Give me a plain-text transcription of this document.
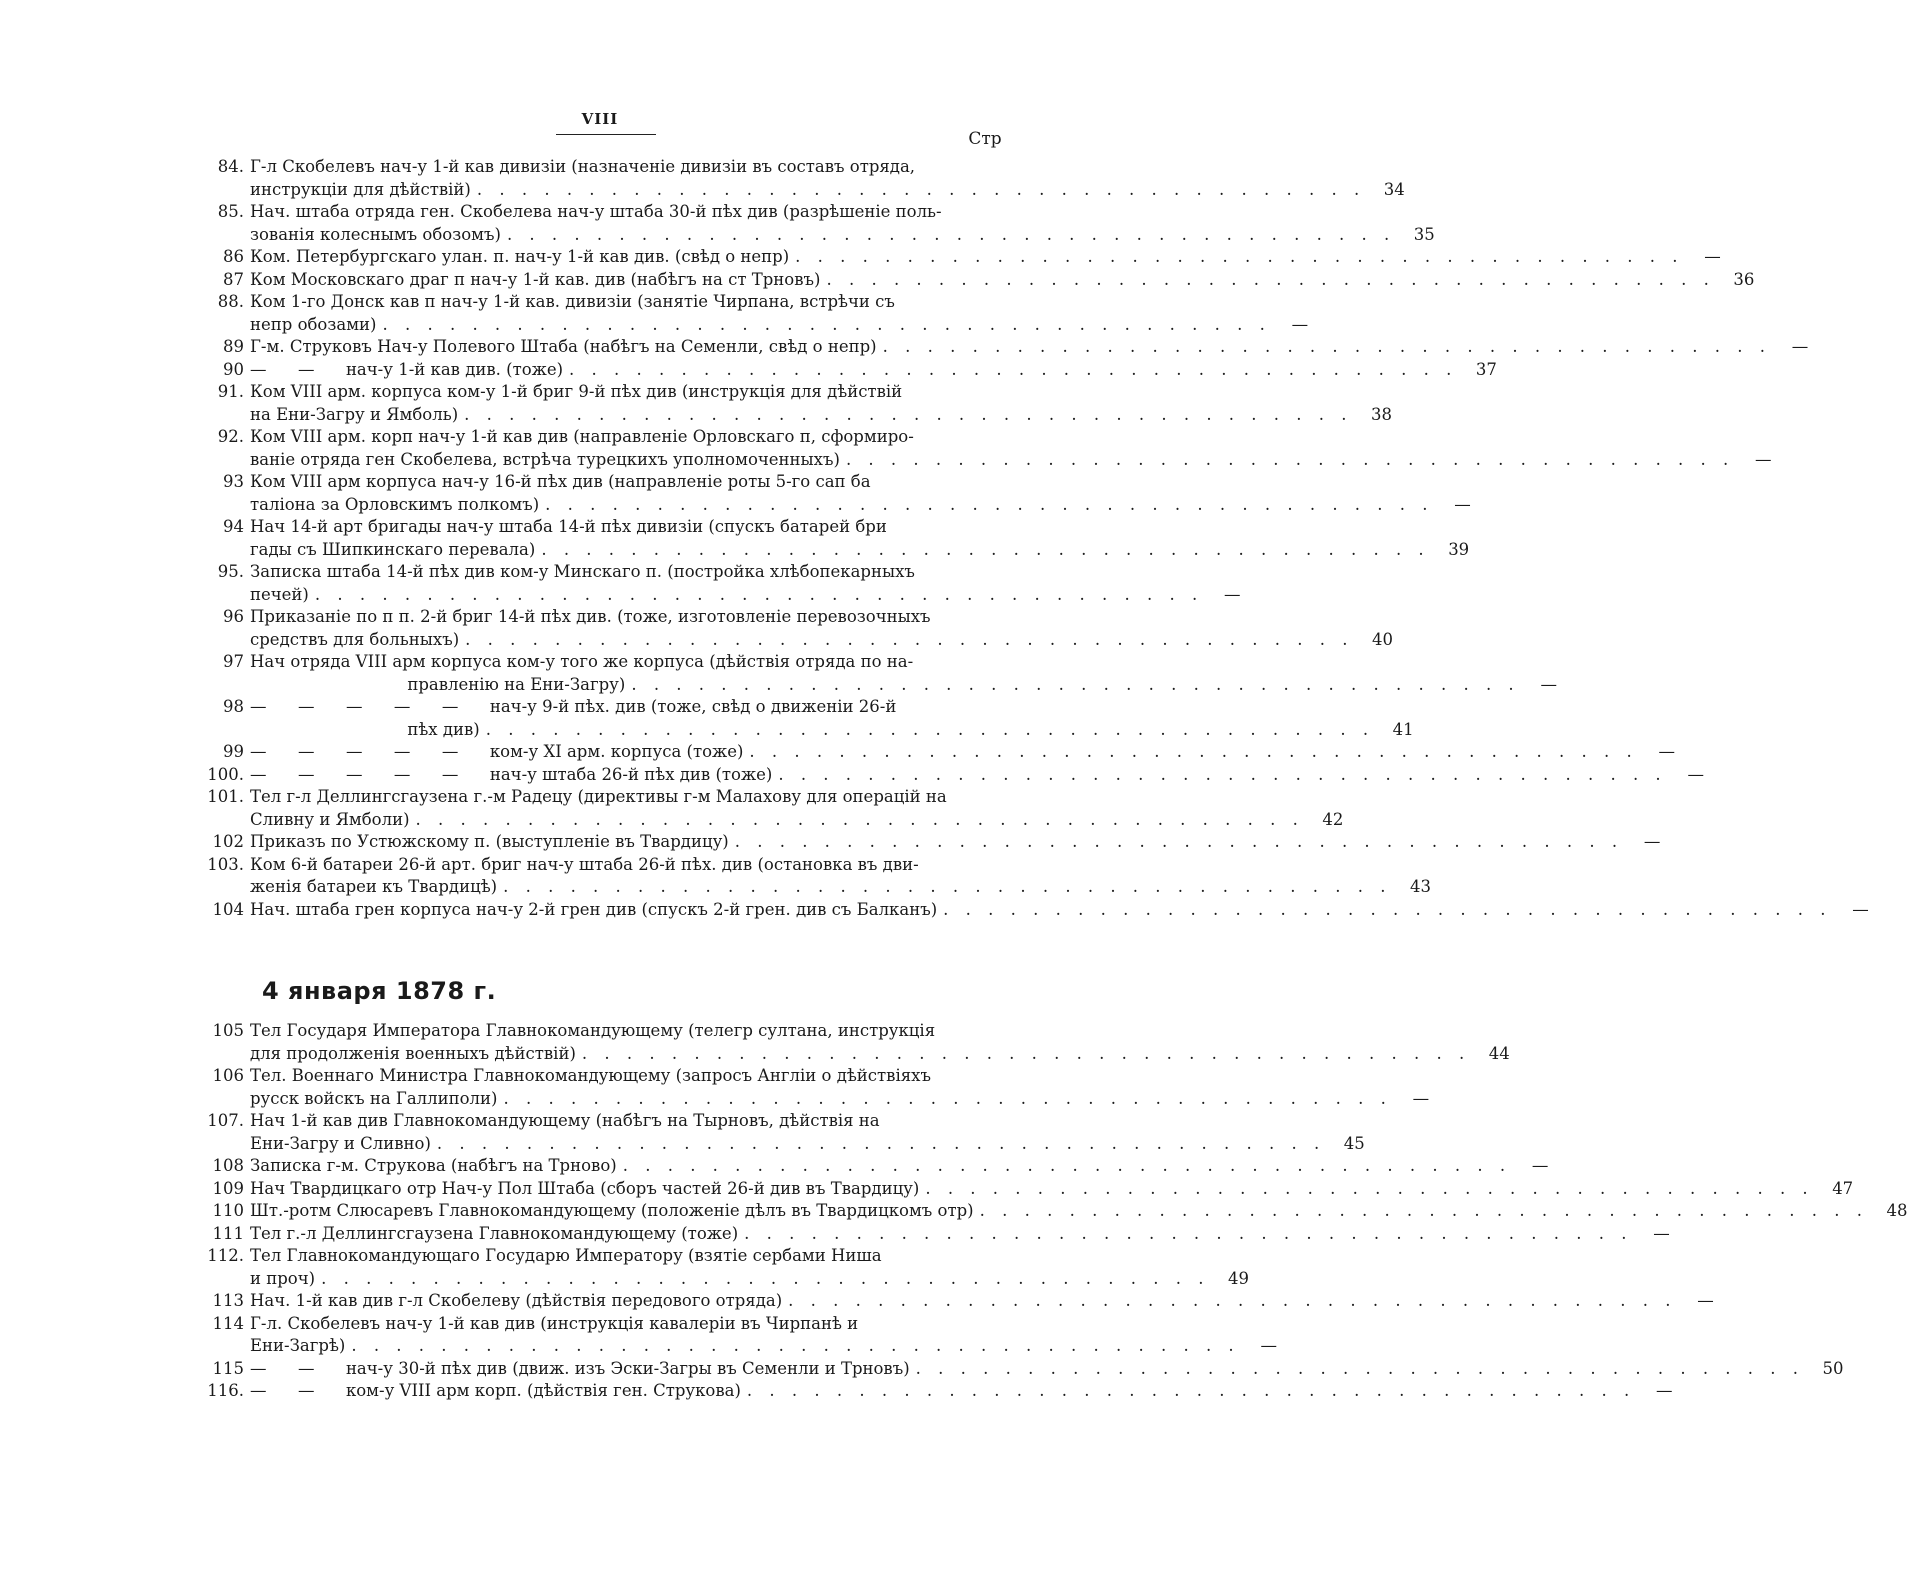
VIII
Стр
84. Г-л Скобелевъ нач-у 1-й кав дивизіи (назначеніе дивизіи въ составъ отряда,
инструкціи для дѣйствій) . . . . . . . . . . . . . . . . . . . . . . . . . . . . . . . . . . . . . . . .	34
85. Нач. штаба отряда ген. Скобелева нач-у штаба 30-й пѣх див (разрѣшеніе поль-
зованія колеснымъ обозомъ) . . . . . . . . . . . . . . . . . . . . . . . . . . . . . . . . . . . . . . . .	35
86 Ком. Петербургскаго улан. п. нач-у 1-й кав див. (свѣд о непр) . . . . . . . . . . . . . . . . . . . . . . . . . . . . . . . . . . . . . . . .	—
87 Ком Московскаго драг п нач-у 1-й кав. див (набѣгъ на ст Трновъ) . . . . . . . . . . . . . . . . . . . . . . . . . . . . . . . . . . . . . . . .	36
88. Ком 1-го Донск кав п нач-у 1-й кав. дивизіи (занятіе Чирпана, встрѣчи съ
непр обозами) . . . . . . . . . . . . . . . . . . . . . . . . . . . . . . . . . . . . . . . .	—
89 Г-м. Струковъ Нач-у Полевого Штаба (набѣгъ на Семенли, свѣд о непр) . . . . . . . . . . . . . . . . . . . . . . . . . . . . . . . . . . . . . . . .	—
90 —      —      нач-у 1-й кав див. (тоже) . . . . . . . . . . . . . . . . . . . . . . . . . . . . . . . . . . . . . . . .	37
91. Ком VIII арм. корпуса ком-у 1-й бриг 9-й пѣх див (инструкція для дѣйствій
на Ени-Загру и Ямболь) . . . . . . . . . . . . . . . . . . . . . . . . . . . . . . . . . . . . . . . .	38
92. Ком VIII арм. корп нач-у 1-й кав див (направленіе Орловскаго п, сформиро-
ваніе отряда ген Скобелева, встрѣча турецкихъ уполномоченныхъ) . . . . . . . . . . . . . . . . . . . . . . . . . . . . . . . . . . . . . . . .	—
93 Ком VIII арм корпуса нач-у 16-й пѣх див (направленіе роты 5-го сап ба
таліона за Орловскимъ полкомъ) . . . . . . . . . . . . . . . . . . . . . . . . . . . . . . . . . . . . . . . .	—
94 Нач 14-й арт бригады нач-у штаба 14-й пѣх дивизіи (спускъ батарей бри
гады съ Шипкинскаго перевала) . . . . . . . . . . . . . . . . . . . . . . . . . . . . . . . . . . . . . . . .	39
95. Записка штаба 14-й пѣх див ком-у Минскаго п. (постройка хлѣбопекарныхъ
печей) . . . . . . . . . . . . . . . . . . . . . . . . . . . . . . . . . . . . . . . .	—
96 Приказаніе по п п. 2-й бриг 14-й пѣх див. (тоже, изготовленіе перевозочныхъ
средствъ для больныхъ) . . . . . . . . . . . . . . . . . . . . . . . . . . . . . . . . . . . . . . . .	40
97 Нач отряда VIII арм корпуса ком-у того же корпуса (дѣйствія отряда по на-
правленію на Ени-Загру) . . . . . . . . . . . . . . . . . . . . . . . . . . . . . . . . . . . . . . . .	—
98 —      —      —      —      —      нач-у 9-й пѣх. див (тоже, свѣд о движеніи 26-й
пѣх див) . . . . . . . . . . . . . . . . . . . . . . . . . . . . . . . . . . . . . . . .	41
99 —      —      —      —      —      ком-у XI арм. корпуса (тоже) . . . . . . . . . . . . . . . . . . . . . . . . . . . . . . . . . . . . . . . .	—
100. —      —      —      —      —      нач-у штаба 26-й пѣх див (тоже) . . . . . . . . . . . . . . . . . . . . . . . . . . . . . . . . . . . . . . . .	—
101. Тел г-л Деллингсгаузена г.-м Радецу (директивы г-м Малахову для операцій на
Сливну и Ямболи) . . . . . . . . . . . . . . . . . . . . . . . . . . . . . . . . . . . . . . . .	42
102 Приказъ по Устюжскому п. (выступленіе въ Твардицу) . . . . . . . . . . . . . . . . . . . . . . . . . . . . . . . . . . . . . . . .	—
103. Ком 6-й батареи 26-й арт. бриг нач-у штаба 26-й пѣх. див (остановка въ дви-
женія батареи къ Твардицѣ) . . . . . . . . . . . . . . . . . . . . . . . . . . . . . . . . . . . . . . . .	43
104 Нач. штаба грен корпуса нач-у 2-й грен див (спускъ 2-й грен. див съ Балканъ) . . . . . . . . . . . . . . . . . . . . . . . . . . . . . . . . . . . . . . . .	—
4 января 1878 г.
105 Тел Государя Императора Главнокомандующему (телегр султана, инструкція
для продолженія военныхъ дѣйствій) . . . . . . . . . . . . . . . . . . . . . . . . . . . . . . . . . . . . . . . .	44
106 Тел. Военнаго Министра Главнокомандующему (запросъ Англіи о дѣйствіяхъ
русск войскъ на Галлиполи) . . . . . . . . . . . . . . . . . . . . . . . . . . . . . . . . . . . . . . . .	—
107. Нач 1-й кав див Главнокомандующему (набѣгъ на Тырновъ, дѣйствія на
Ени-Загру и Сливно) . . . . . . . . . . . . . . . . . . . . . . . . . . . . . . . . . . . . . . . .	45
108 Записка г-м. Струкова (набѣгъ на Трново) . . . . . . . . . . . . . . . . . . . . . . . . . . . . . . . . . . . . . . . .	—
109 Нач Твардицкаго отр Нач-у Пол Штаба (сборъ частей 26-й див въ Твардицу) . . . . . . . . . . . . . . . . . . . . . . . . . . . . . . . . . . . . . . . .	47
110 Шт.-ротм Слюсаревъ Главнокомандующему (положеніе дѣлъ въ Твардицкомъ отр) . . . . . . . . . . . . . . . . . . . . . . . . . . . . . . . . . . . . . . . .	48
111 Тел г.-л Деллингсгаузена Главнокомандующему (тоже) . . . . . . . . . . . . . . . . . . . . . . . . . . . . . . . . . . . . . . . .	—
112. Тел Главнокомандующаго Государю Императору (взятіе сербами Ниша
и проч) . . . . . . . . . . . . . . . . . . . . . . . . . . . . . . . . . . . . . . . .	49
113 Нач. 1-й кав див г-л Скобелеву (дѣйствія передового отряда) . . . . . . . . . . . . . . . . . . . . . . . . . . . . . . . . . . . . . . . .	—
114 Г-л. Скобелевъ нач-у 1-й кав див (инструкція кавалеріи въ Чирпанѣ и
Ени-Загрѣ) . . . . . . . . . . . . . . . . . . . . . . . . . . . . . . . . . . . . . . . .	—
115 —      —      нач-у 30-й пѣх див (движ. изъ Эски-Загры въ Семенли и Трновъ) . . . . . . . . . . . . . . . . . . . . . . . . . . . . . . . . . . . . . . . .	50
116. —      —      ком-у VIII арм корп. (дѣйствія ген. Струкова) . . . . . . . . . . . . . . . . . . . . . . . . . . . . . . . . . . . . . . . .	—
